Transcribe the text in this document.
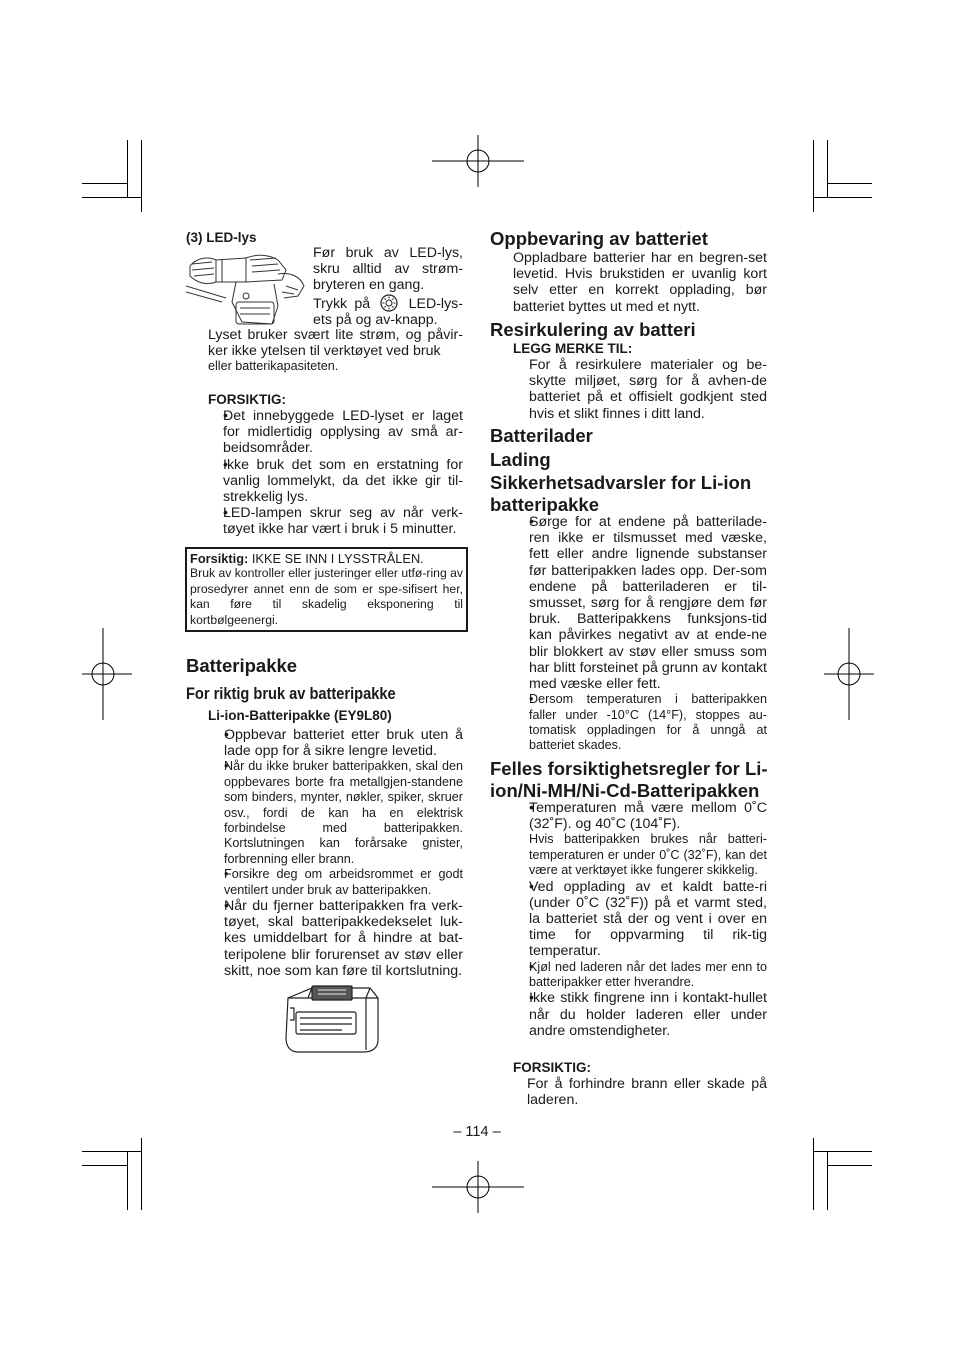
(3) LED-lys

Før bruk av LED-lys, skru alltid av strøm-bryteren en gang.

Trykk på	LED-lys-ets på og av-knapp.

Lyset bruker svært lite strøm, og påvir-ker ikke ytelsen til verktøyet ved bruk

eller batterikapasiteten.

FORSIKTIG:
• Det innebyggede LED-lyset er laget for midlertidig opplysing av små ar-beidsområder.
• Ikke bruk det som en erstatning for vanlig lommelykt, da det ikke gir til-strekkelig lys.
• LED-lampen skrur seg av når verk-tøyet ikke har vært i bruk i 5 minutter.

Forsiktig: IKKE SE INN I LYSSTRÅLEN.

Bruk av kontroller eller justeringer eller utfø-ring av prosedyrer annet enn de som er spe-sifisert her, kan føre til skadelig eksponering til kortbølgeenergi.

Batteripakke
For riktig bruk av batteripakke
Li-ion-Batteripakke (EY9L80)
• Oppbevar batteriet etter bruk uten å lade opp for å sikre lengre levetid.
• Når du ikke bruker batteripakken, skal den oppbevares borte fra metallgjen-standene som binders, mynter, nøkler, spiker, skruer osv., fordi de kan ha en elektrisk forbindelse med batteripakken. Kortslutningen kan forårsake gnister, forbrenning eller brann.
• Forsikre deg om arbeidsrommet er godt ventilert under bruk av batteripakken.
• Når du fjerner batteripakken fra verk-tøyet, skal batteripakkedekselet luk-kes umiddelbart for å hindre at bat-teripolene blir forurenset av støv eller skitt, noe som kan føre til kortslutning.
Oppbevaring av batteriet

Oppladbare batterier har en begren-set levetid. Hvis brukstiden er uvanlig kort selv etter en korrekt opplading, bør batteriet byttes ut med et nytt.

Resirkulering av batteri
LEGG MERKE TIL:

For å resirkulere materialer og be-skytte miljøet, sørg for å avhen-de batteriet på et offisielt godkjent sted hvis et slikt finnes i ditt land.

Batterilader
Lading
Sikkerhetsadvarsler for Li-ion batteripakke
• Sørge for at endene på batterilade-ren ikke er tilsmusset med væske, fett eller andre lignende substanser før batteripakken lades opp. Der-som endene på batteriladeren er til-smusset, sørg for å rengjøre dem før bruk. Batteripakkens funksjons-tid kan påvirkes negativt av at ende-ne blir blokkert av støv eller smuss som har blitt forsteinet på grunn av kontakt med væske eller fett.
• Dersom temperaturen i batteripakken faller under -10°C (14°F), stoppes au-tomatisk oppladingen for å unngå at batteriet skades.
Felles forsiktighetsregler for Li-ion/Ni-MH/Ni-Cd-Batteripakken
• Temperaturen må være mellom 0˚C (32˚F). og 40˚C (104˚F).
Hvis batteripakken brukes når batteri-temperaturen er under 0˚C (32˚F), kan det være at verktøyet ikke fungerer skikkelig.
• Ved opplading av et kaldt batte-ri (under 0˚C (32˚F)) på et varmt sted, la batteriet stå der og vent i over en time for oppvarming til rik-tig temperatur.
• Kjøl ned laderen når det lades mer enn to batteripakker etter hverandre.
• Ikke stikk fingrene inn i kontakt-hullet når du holder laderen eller under andre omstendigheter.
FORSIKTIG:

For å forhindre brann eller skade på laderen.

– 114 –
